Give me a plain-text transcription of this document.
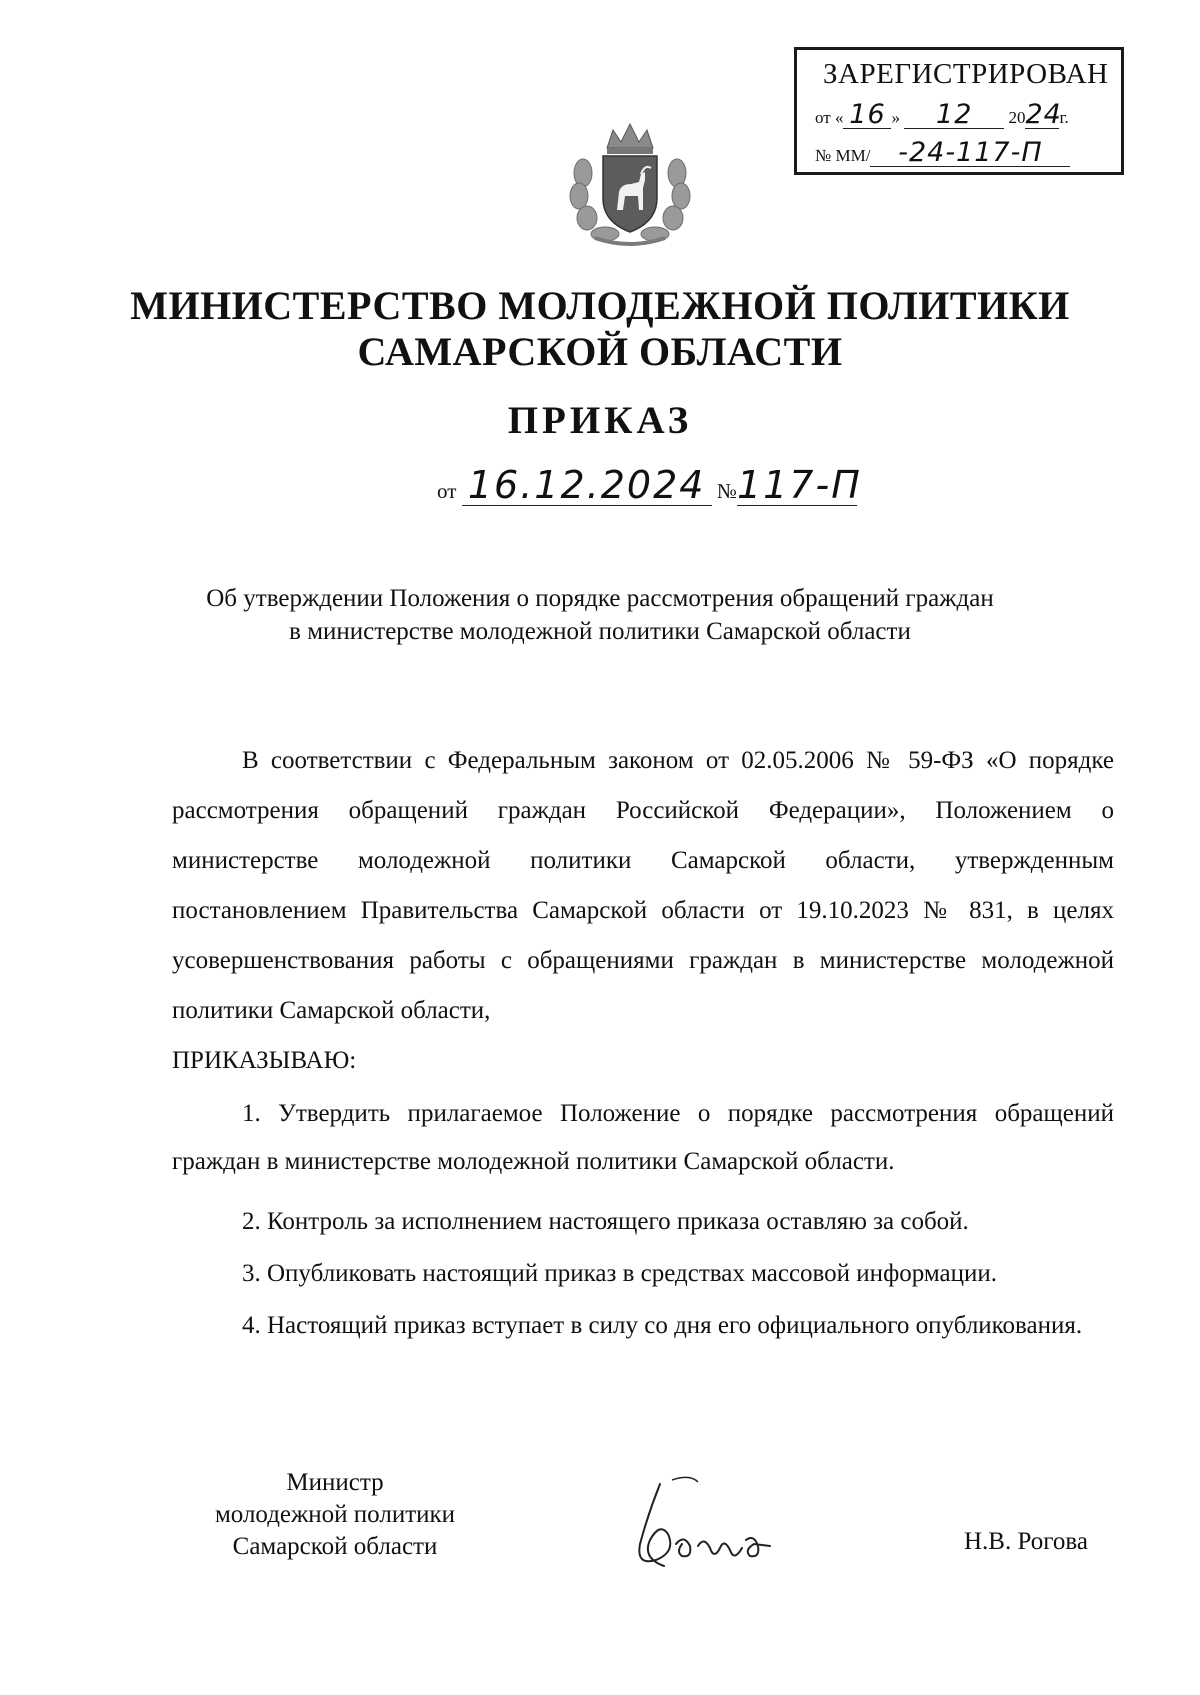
ЗАРЕГИСТРИРОВАН
от « 16 » 12 2024г.
№ ММ/ -24-117-П
МИНИСТЕРСТВО МОЛОДЕЖНОЙ ПОЛИТИКИ
САМАРСКОЙ ОБЛАСТИ
ПРИКАЗ
от 16.12.2024 №117-П
Об утверждении Положения о порядке рассмотрения обращений граждан
в министерстве молодежной политики Самарской области

В соответствии с Федеральным законом от 02.05.2006 № 59-ФЗ «О порядке рассмотрения обращений граждан Российской Федерации», Положением о министерстве молодежной политики Самарской области, утвержденным постановлением Правительства Самарской области от 19.10.2023 № 831, в целях усовершенствования работы с обращениями граждан в министерстве молодежной политики Самарской области,

ПРИКАЗЫВАЮ:

1. Утвердить прилагаемое Положение о порядке рассмотрения обращений граждан в министерстве молодежной политики Самарской области.

2. Контроль за исполнением настоящего приказа оставляю за собой.

3. Опубликовать настоящий приказ в средствах массовой информации.

4. Настоящий приказ вступает в силу со дня его официального опубликования.

Министр
молодежной политики
Самарской области	Н.В. Рогова
